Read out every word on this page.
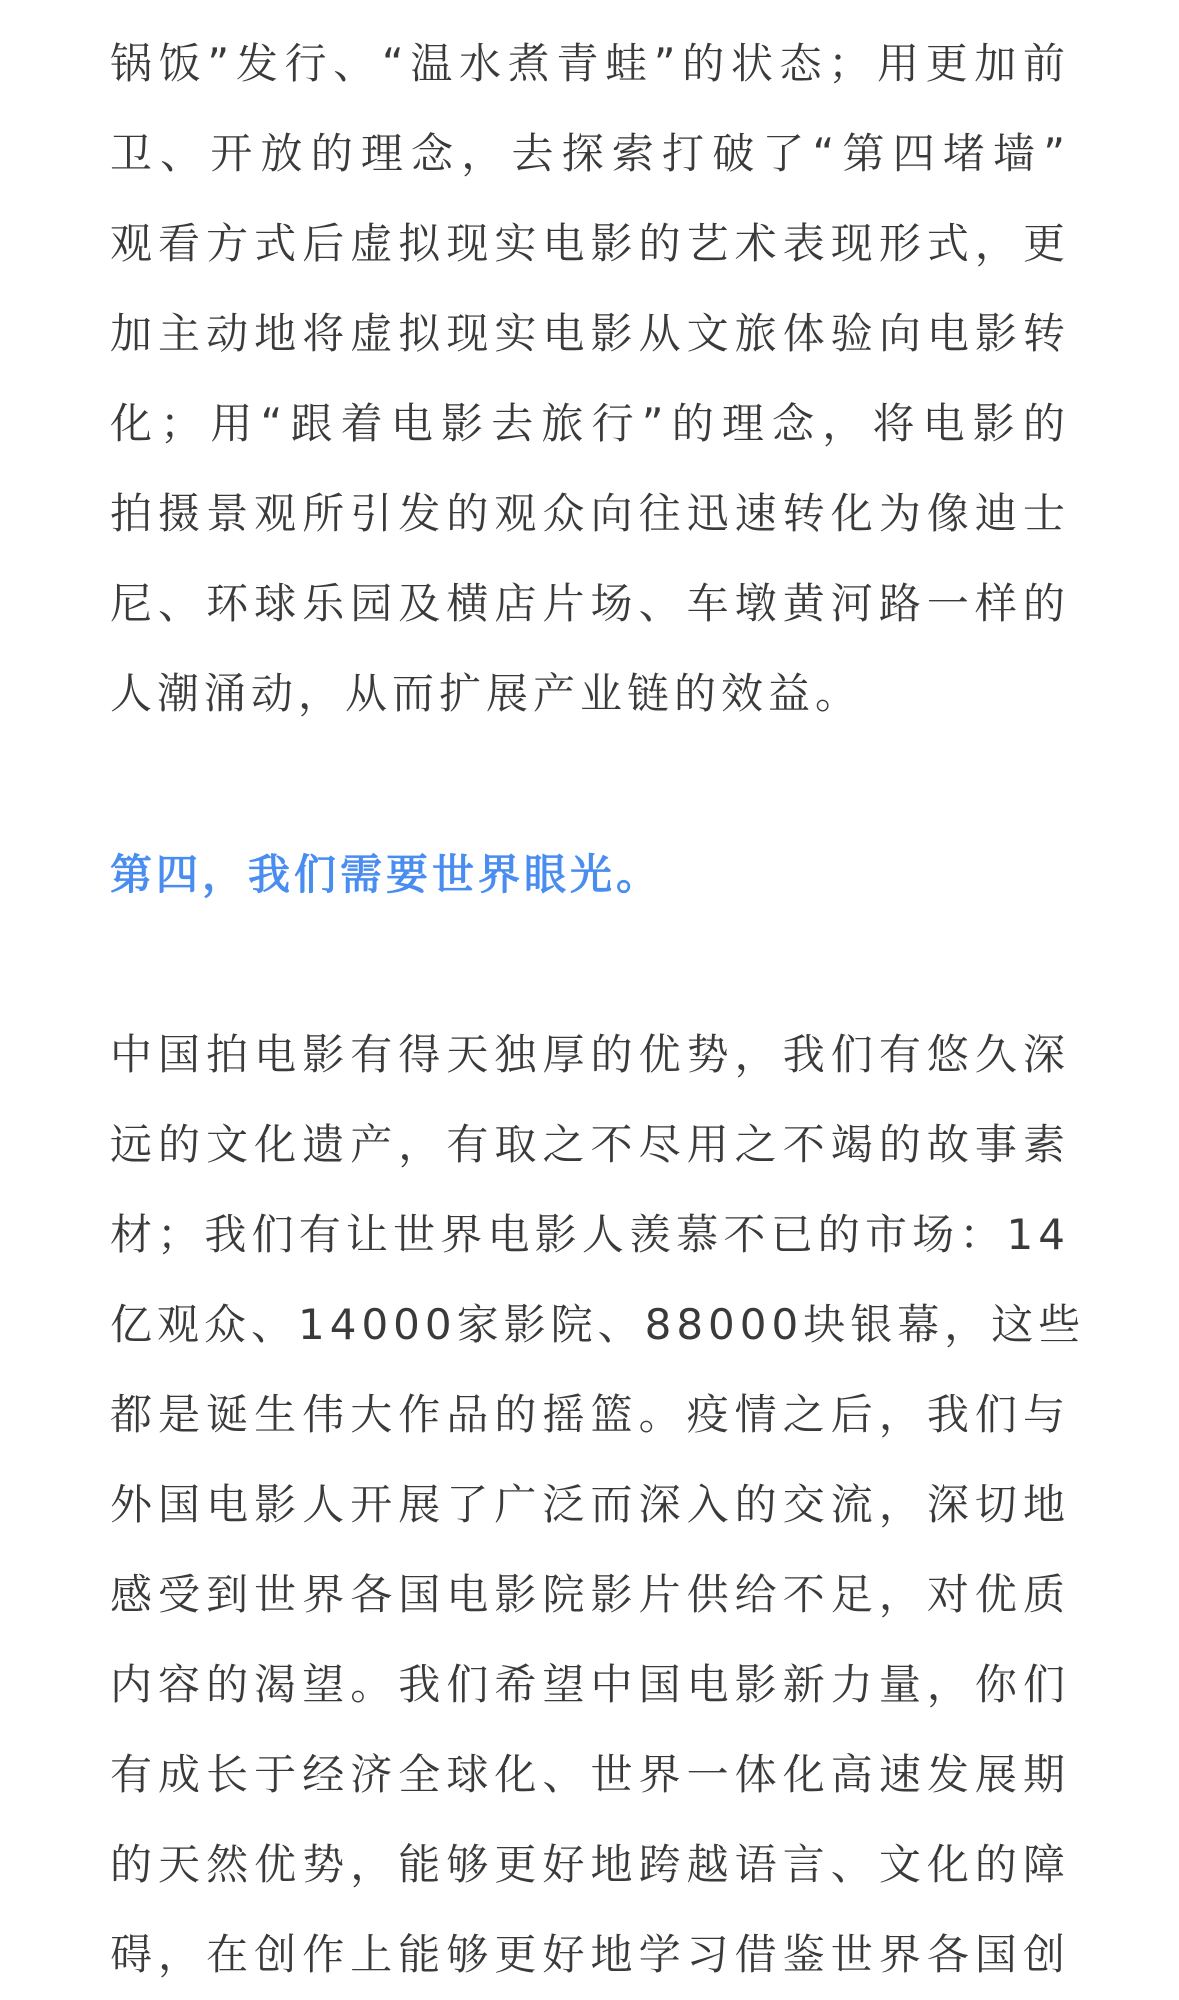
锅饭”发行、“温水煮青蛙”的状态；用更加前
卫、开放的理念，去探索打破了“第四堵墙”
观看方式后虚拟现实电影的艺术表现形式，更
加主动地将虚拟现实电影从文旅体验向电影转
化；用“跟着电影去旅行”的理念，将电影的
拍摄景观所引发的观众向往迅速转化为像迪士
尼、环球乐园及横店片场、车墩黄河路一样的
人潮涌动，从而扩展产业链的效益。
第四，我们需要世界眼光。
中国拍电影有得天独厚的优势，我们有悠久深
远的文化遗产，有取之不尽用之不竭的故事素
材；我们有让世界电影人羡慕不已的市场：14
亿观众、14000家影院、88000块银幕，这些
都是诞生伟大作品的摇篮。疫情之后，我们与
外国电影人开展了广泛而深入的交流，深切地
感受到世界各国电影院影片供给不足，对优质
内容的渴望。我们希望中国电影新力量，你们
有成长于经济全球化、世界一体化高速发展期
的天然优势，能够更好地跨越语言、文化的障
碍，在创作上能够更好地学习借鉴世界各国创
